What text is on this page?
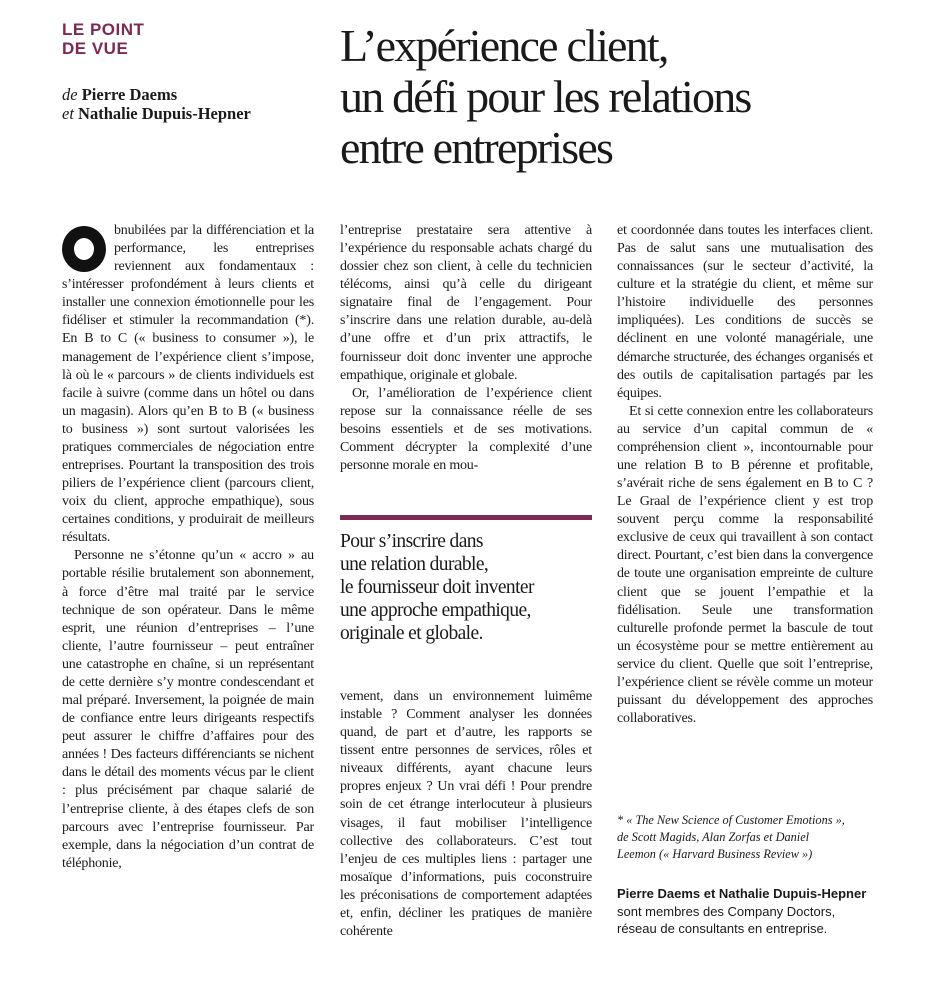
LE POINT
DE VUE
de Pierre Daems
et Nathalie Dupuis-Hepner
L’expérience client,
un défi pour les relations
entre entreprises

bnubilées par la différenciation et la performance, les entreprises reviennent aux fondamentaux : s’intéresser profondément à leurs clients et installer une connexion émotionnelle pour les fidéliser et stimuler la recommandation (*). En B to C (« business to consumer »), le management de l’expérience client s’impose, là où le « parcours » de clients individuels est facile à suivre (comme dans un hôtel ou dans un magasin). Alors qu’en B to B (« business to business ») sont surtout valorisées les pratiques commerciales de négociation entre entreprises. Pourtant la transposition des trois piliers de l’expérience client (parcours client, voix du client, approche empathique), sous certaines conditions, y produirait de meilleurs résultats.

Personne ne s’étonne qu’un « accro » au portable résilie brutalement son abonnement, à force d’être mal traité par le service technique de son opérateur. Dans le même esprit, une réunion d’entreprises – l’une cliente, l’autre fournisseur – peut entraîner une catastrophe en chaîne, si un représentant de cette dernière s’y montre condescendant et mal préparé. Inversement, la poignée de main de confiance entre leurs dirigeants respectifs peut assurer le chiffre d’affaires pour des années ! Des facteurs différenciants se nichent dans le détail des moments vécus par le client : plus précisément par chaque salarié de l’entreprise cliente, à des étapes clefs de son parcours avec l’entreprise fournisseur. Par exemple, dans la négociation d’un contrat de téléphonie,

l’entreprise prestataire sera attentive à l’expérience du responsable achats chargé du dossier chez son client, à celle du technicien télécoms, ainsi qu’à celle du dirigeant signataire final de l’engagement. Pour s’inscrire dans une relation durable, au-delà d’une offre et d’un prix attractifs, le fournisseur doit donc inventer une approche empathique, originale et globale.

Or, l’amélioration de l’expérience client repose sur la connaissance réelle de ses besoins essentiels et de ses motivations. Comment décrypter la complexité d’une personne morale en mou-

Pour s’inscrire dans
une relation durable,
le fournisseur doit inventer
une approche empathique,
originale et globale.

vement, dans un environnement luimême instable ? Comment analyser les données quand, de part et d’autre, les rapports se tissent entre personnes de services, rôles et niveaux différents, ayant chacune leurs propres enjeux ? Un vrai défi ! Pour prendre soin de cet étrange interlocuteur à plusieurs visages, il faut mobiliser l’intelligence collective des collaborateurs. C’est tout l’enjeu de ces multiples liens : partager une mosaïque d’informations, puis coconstruire les préconisations de comportement adaptées et, enfin, décliner les pratiques de manière cohérente

et coordonnée dans toutes les interfaces client. Pas de salut sans une mutualisation des connaissances (sur le secteur d’activité, la culture et la stratégie du client, et même sur l’histoire individuelle des personnes impliquées). Les conditions de succès se déclinent en une volonté managériale, une démarche structurée, des échanges organisés et des outils de capitalisation partagés par les équipes.

Et si cette connexion entre les collaborateurs au service d’un capital commun de « compréhension client », incontournable pour une relation B to B pérenne et profitable, s’avérait riche de sens également en B to C ? Le Graal de l’expérience client y est trop souvent perçu comme la responsabilité exclusive de ceux qui travaillent à son contact direct. Pourtant, c’est bien dans la convergence de toute une organisation empreinte de culture client que se jouent l’empathie et la fidélisation. Seule une transformation culturelle profonde permet la bascule de tout un écosystème pour se mettre entièrement au service du client. Quelle que soit l’entreprise, l’expérience client se révèle comme un moteur puissant du développement des approches collaboratives.

* « The New Science of Customer Emotions »,
de Scott Magids, Alan Zorfas et Daniel
Leemon (« Harvard Business Review »)
Pierre Daems et Nathalie Dupuis-Hepner sont membres des Company Doctors, réseau de consultants en entreprise.
